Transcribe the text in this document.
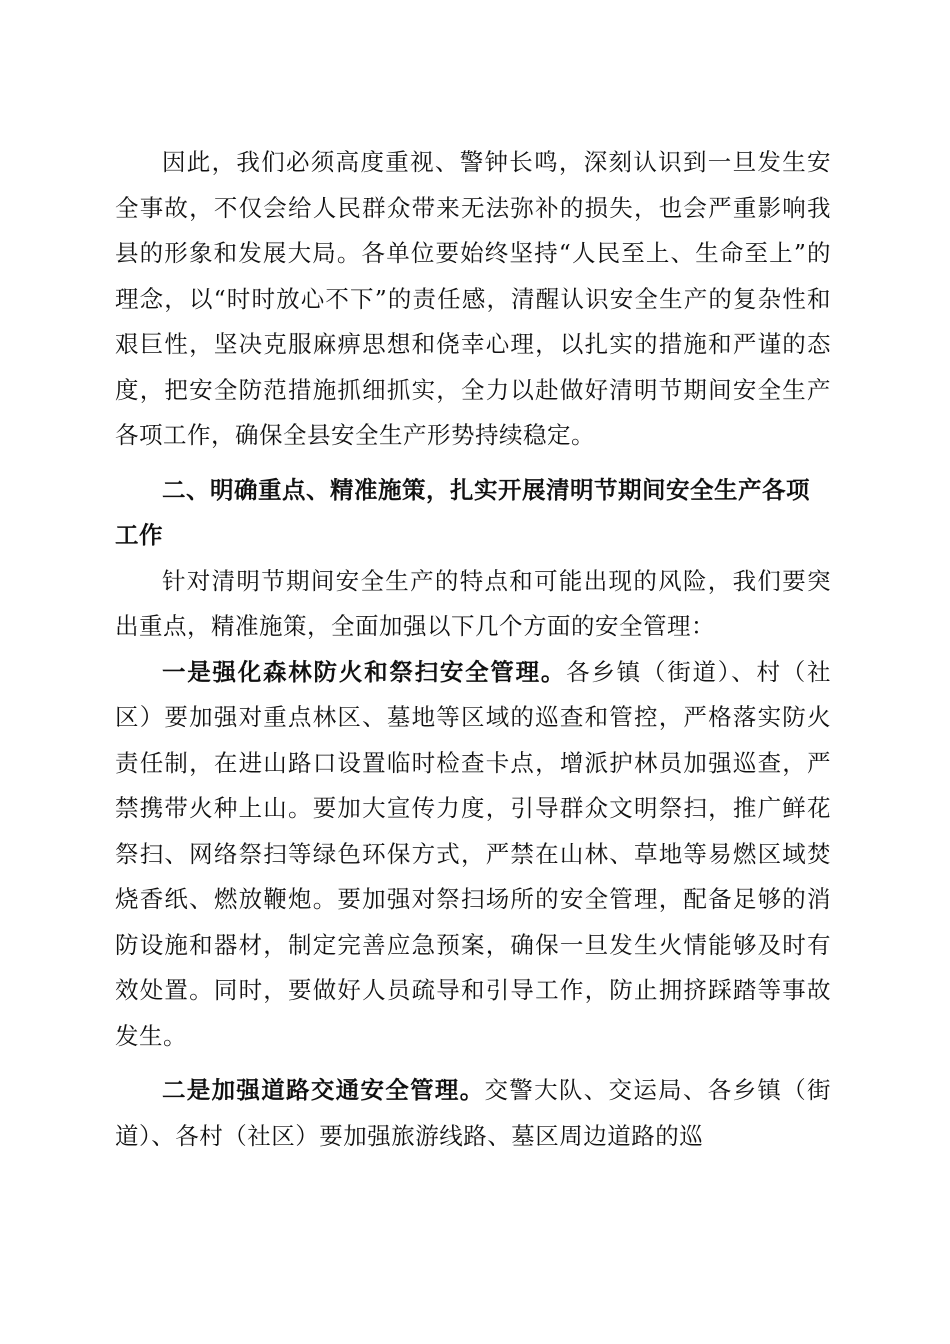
因此，我们必须高度重视、警钟长鸣，深刻认识到一旦发生安全事故，不仅会给人民群众带来无法弥补的损失，也会严重影响我县的形象和发展大局。各单位要始终坚持“人民至上、生命至上”的理念，以“时时放心不下”的责任感，清醒认识安全生产的复杂性和艰巨性，坚决克服麻痹思想和侥幸心理，以扎实的措施和严谨的态度，把安全防范措施抓细抓实，全力以赴做好清明节期间安全生产各项工作，确保全县安全生产形势持续稳定。

二、明确重点、精准施策，扎实开展清明节期间安全生产各项工作

针对清明节期间安全生产的特点和可能出现的风险，我们要突出重点，精准施策，全面加强以下几个方面的安全管理：

一是强化森林防火和祭扫安全管理。各乡镇（街道）、村（社区）要加强对重点林区、墓地等区域的巡查和管控，严格落实防火责任制，在进山路口设置临时检查卡点，增派护林员加强巡查，严禁携带火种上山。要加大宣传力度，引导群众文明祭扫，推广鲜花祭扫、网络祭扫等绿色环保方式，严禁在山林、草地等易燃区域焚烧香纸、燃放鞭炮。要加强对祭扫场所的安全管理，配备足够的消防设施和器材，制定完善应急预案，确保一旦发生火情能够及时有效处置。同时，要做好人员疏导和引导工作，防止拥挤踩踏等事故发生。

二是加强道路交通安全管理。交警大队、交运局、各乡镇（街道）、各村（社区）要加强旅游线路、墓区周边道路的巡
